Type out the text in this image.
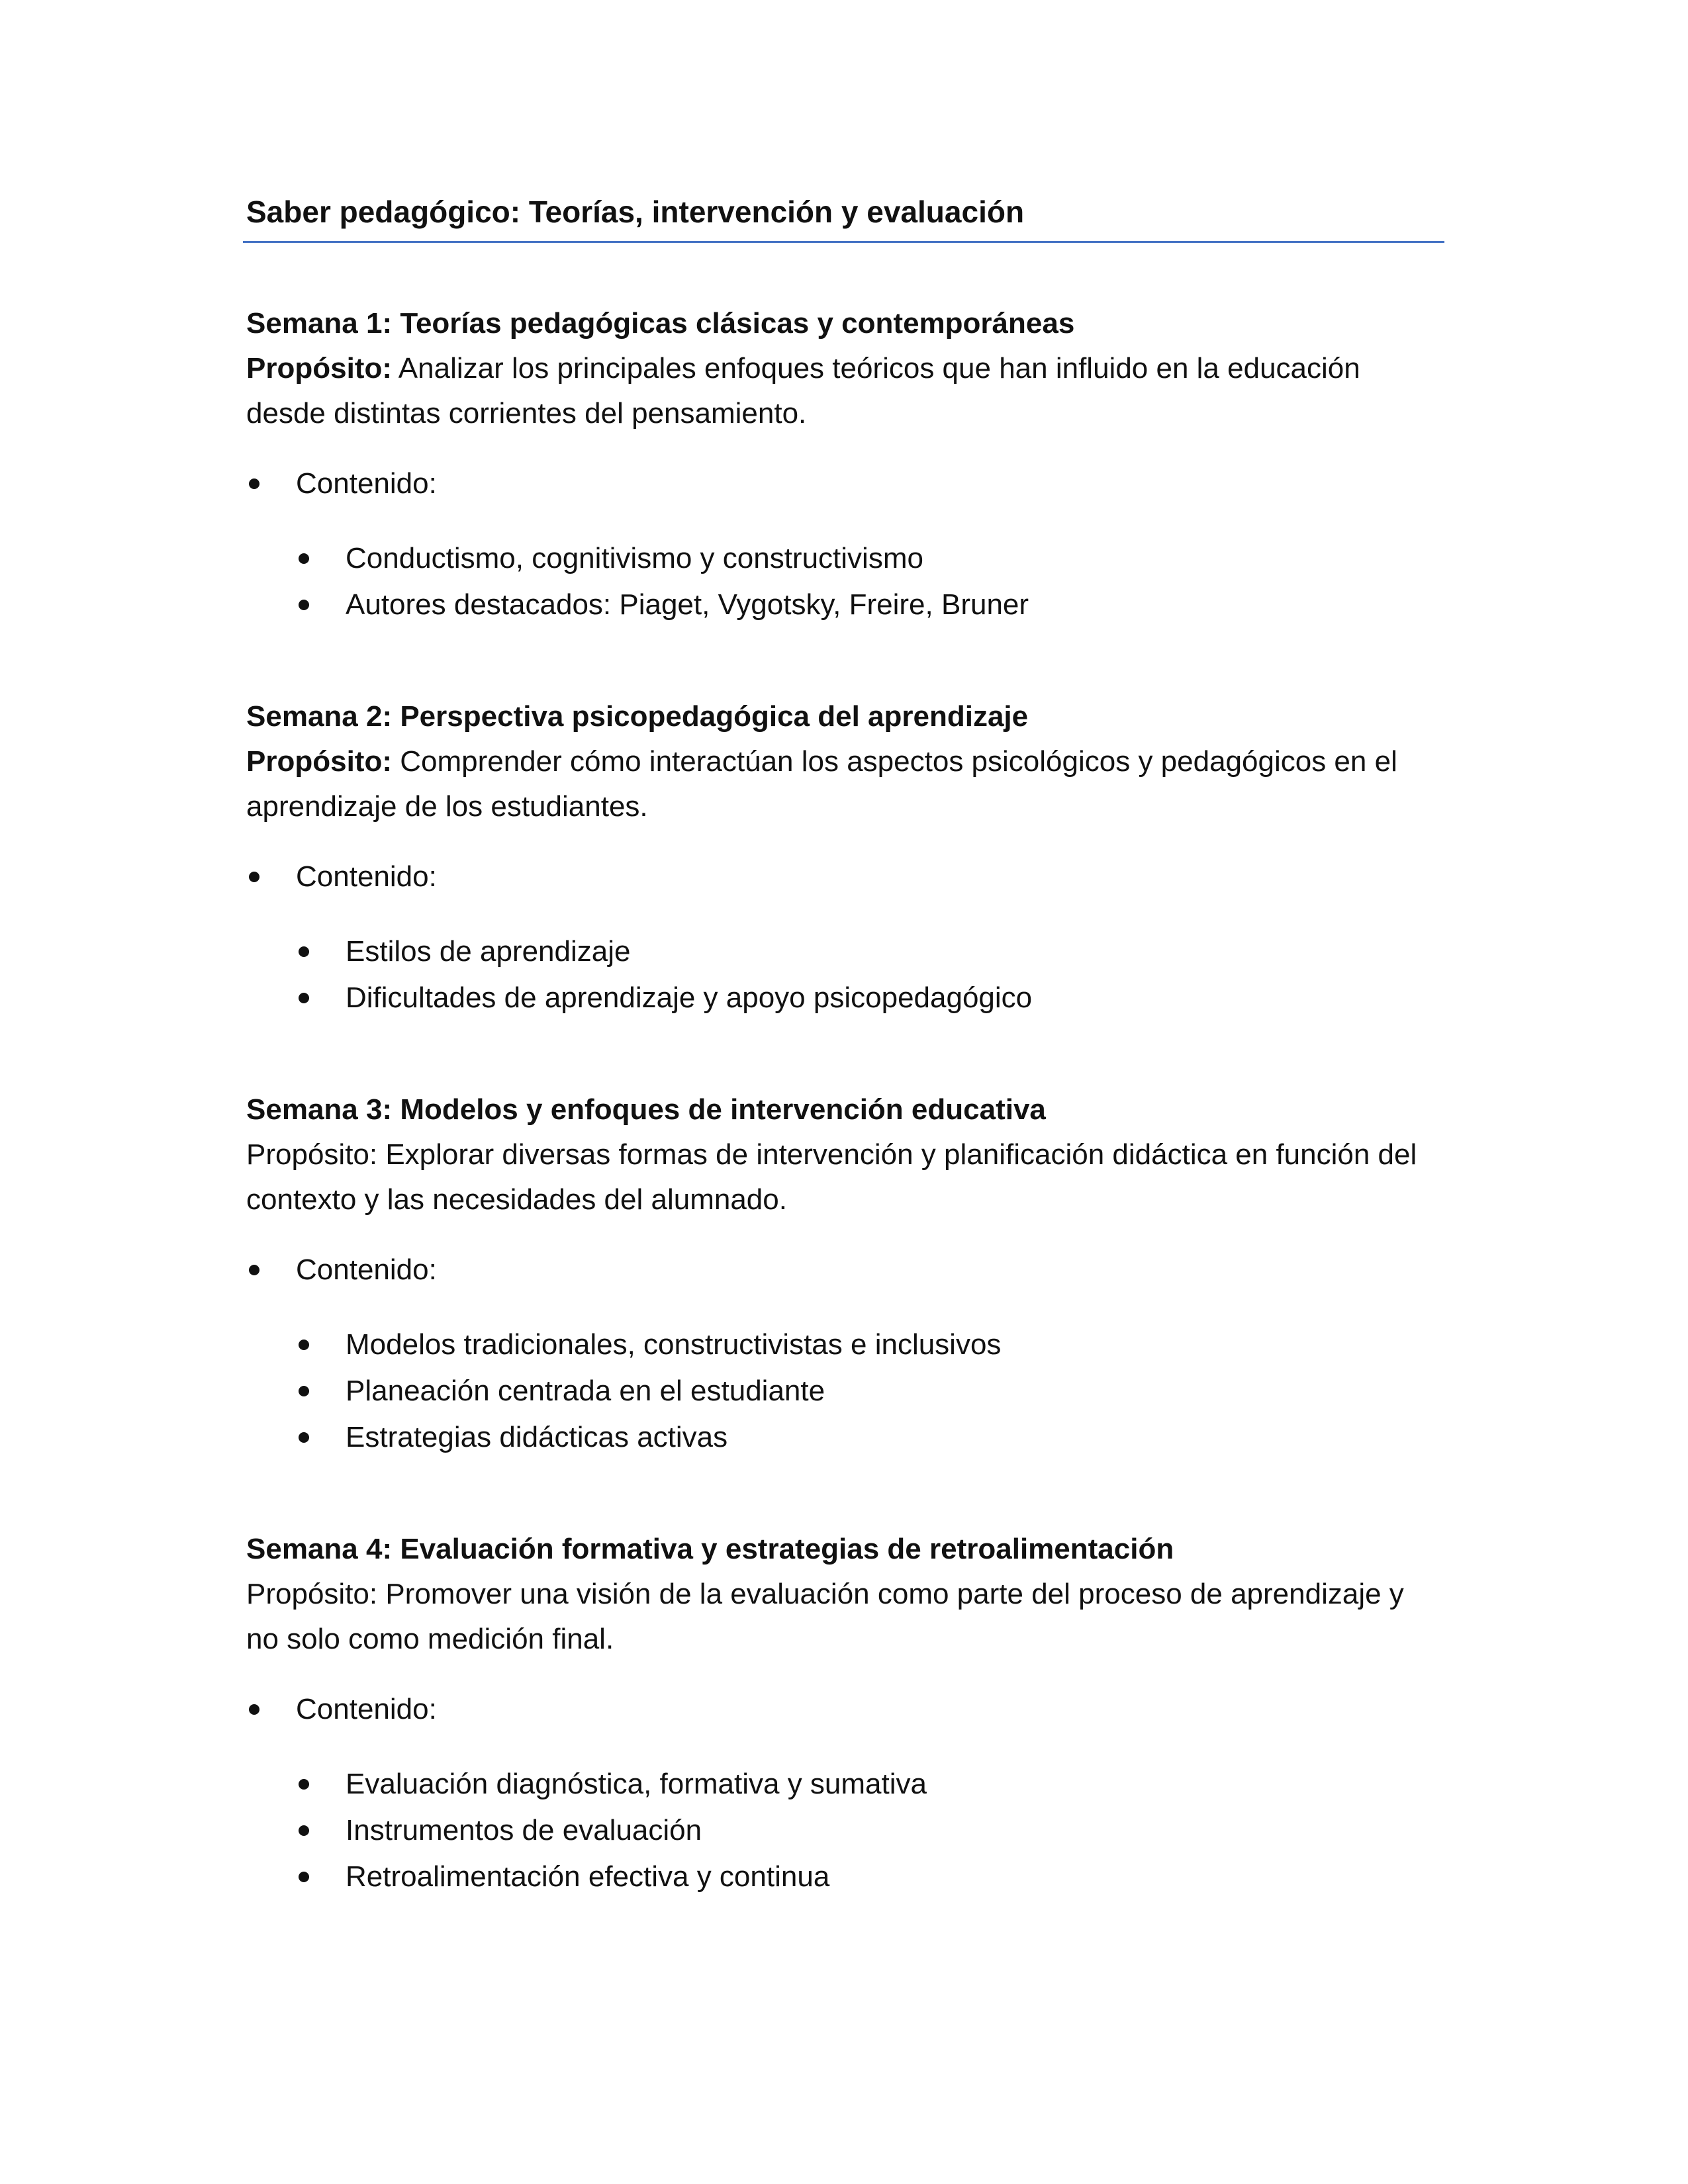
Saber pedagógico: Teorías, intervención y evaluación
Semana 1: Teorías pedagógicas clásicas y contemporáneas

Propósito: Analizar los principales enfoques teóricos que han influido en la educación desde distintas corrientes del pensamiento.

Contenido:
Conductismo, cognitivismo y constructivismo
Autores destacados: Piaget, Vygotsky, Freire, Bruner
Semana 2: Perspectiva psicopedagógica del aprendizaje

Propósito: Comprender cómo interactúan los aspectos psicológicos y pedagógicos en el aprendizaje de los estudiantes.

Contenido:
Estilos de aprendizaje
Dificultades de aprendizaje y apoyo psicopedagógico
Semana 3: Modelos y enfoques de intervención educativa

Propósito: Explorar diversas formas de intervención y planificación didáctica en función del contexto y las necesidades del alumnado.

Contenido:
Modelos tradicionales, constructivistas e inclusivos
Planeación centrada en el estudiante
Estrategias didácticas activas
Semana 4: Evaluación formativa y estrategias de retroalimentación

Propósito: Promover una visión de la evaluación como parte del proceso de aprendizaje y no solo como medición final.

Contenido:
Evaluación diagnóstica, formativa y sumativa
Instrumentos de evaluación
Retroalimentación efectiva y continua
